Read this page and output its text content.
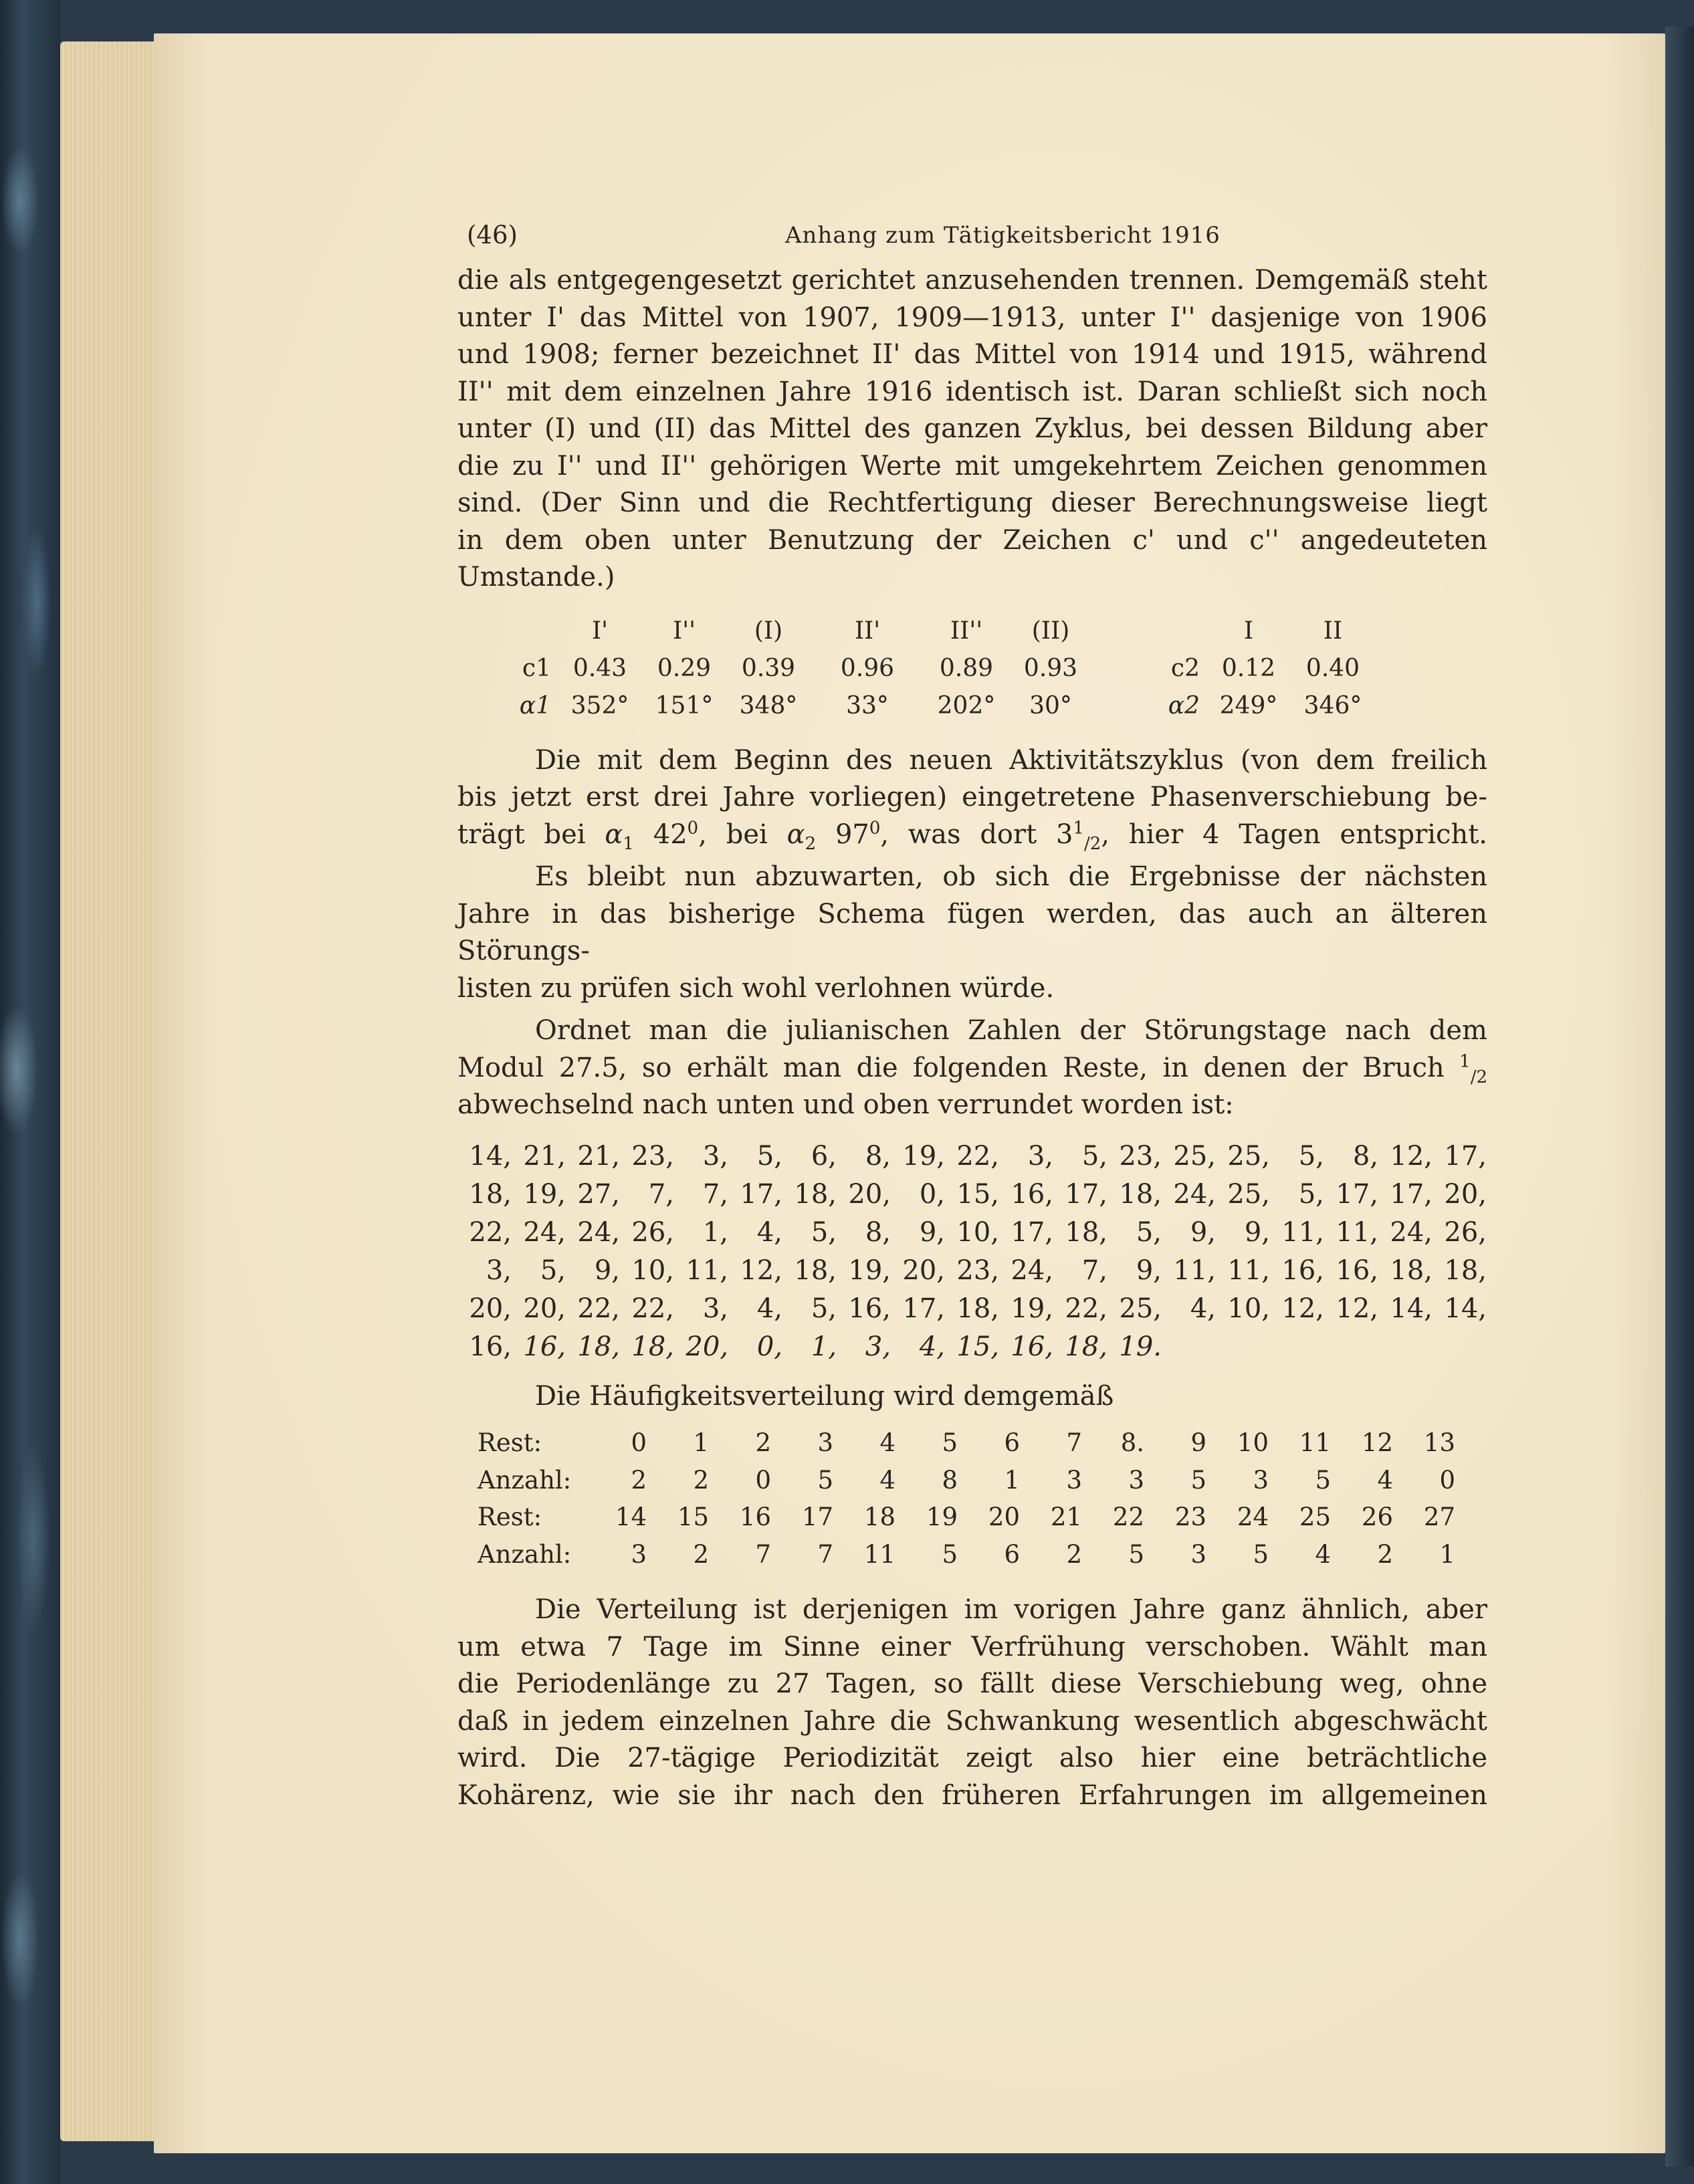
(46)	Anhang zum Tätigkeitsbericht 1916

die als entgegengesetzt gerichtet anzusehenden trennen. Demgemäß steht

unter I' das Mittel von 1907, 1909—1913, unter I'' dasjenige von 1906

und 1908; ferner bezeichnet II' das Mittel von 1914 und 1915, während

II'' mit dem einzelnen Jahre 1916 identisch ist. Daran schließt sich noch

unter (I) und (II) das Mittel des ganzen Zyklus, bei dessen Bildung aber

die zu I'' und II'' gehörigen Werte mit umgekehrtem Zeichen genommen

sind. (Der Sinn und die Rechtfertigung dieser Berechnungsweise liegt

in dem oben unter Benutzung der Zeichen c' und c'' angedeuteten

Umstande.)

	I'	I''	(I)	II'	II''	(II)		I	II
c1	0.43	0.29	0.39	0.96	0.89	0.93	c2	0.12	0.40
α1	352°	151°	348°	33°	202°	30°	α2	249°	346°

Die mit dem Beginn des neuen Aktivitätszyklus (von dem freilich

bis jetzt erst drei Jahre vorliegen) eingetretene Phasenverschiebung be-

trägt bei $\alpha_1$ $42^0$, bei $\alpha_2$ $97^0$, was dort $3^1_{/2}$, hier 4 Tagen entspricht.

Es bleibt nun abzuwarten, ob sich die Ergebnisse der nächsten

Jahre in das bisherige Schema fügen werden, das auch an älteren Störungs-

listen zu prüfen sich wohl verlohnen würde.

Ordnet man die julianischen Zahlen der Störungstage nach dem

Modul 27.5, so erhält man die folgenden Reste, in denen der Bruch $^1_{/2}$

abwechselnd nach unten und oben verrundet worden ist:

14,	21,	21,	23,	3,	5,	6,	8,	19,	22,	3,	5,	23,	25,	25,	5,	8,	12,	17,
18,	19,	27,	7,	7,	17,	18,	20,	0,	15,	16,	17,	18,	24,	25,	5,	17,	17,	20,
22,	24,	24,	26,	1,	4,	5,	8,	9,	10,	17,	18,	5,	9,	9,	11,	11,	24,	26,
3,	5,	9,	10,	11,	12,	18,	19,	20,	23,	24,	7,	9,	11,	11,	16,	16,	18,	18,
20,	20,	22,	22,	3,	4,	5,	16,	17,	18,	19,	22,	25,	4,	10,	12,	12,	14,	14,
16,	16,	18,	18,	20,	0,	1,	3,	4,	15,	16,	18,	19.						

Die Häufigkeitsverteilung wird demgemäß

Rest:	0	1	2	3	4	5	6	7	8.	9	10	11	12	13
Anzahl:	2	2	0	5	4	8	1	3	3	5	3	5	4	0
Rest:	14	15	16	17	18	19	20	21	22	23	24	25	26	27
Anzahl:	3	2	7	7	11	5	6	2	5	3	5	4	2	1

Die Verteilung ist derjenigen im vorigen Jahre ganz ähnlich, aber

um etwa 7 Tage im Sinne einer Verfrühung verschoben. Wählt man

die Periodenlänge zu 27 Tagen, so fällt diese Verschiebung weg, ohne

daß in jedem einzelnen Jahre die Schwankung wesentlich abgeschwächt

wird. Die 27-tägige Periodizität zeigt also hier eine beträchtliche

Kohärenz, wie sie ihr nach den früheren Erfahrungen im allgemeinen
